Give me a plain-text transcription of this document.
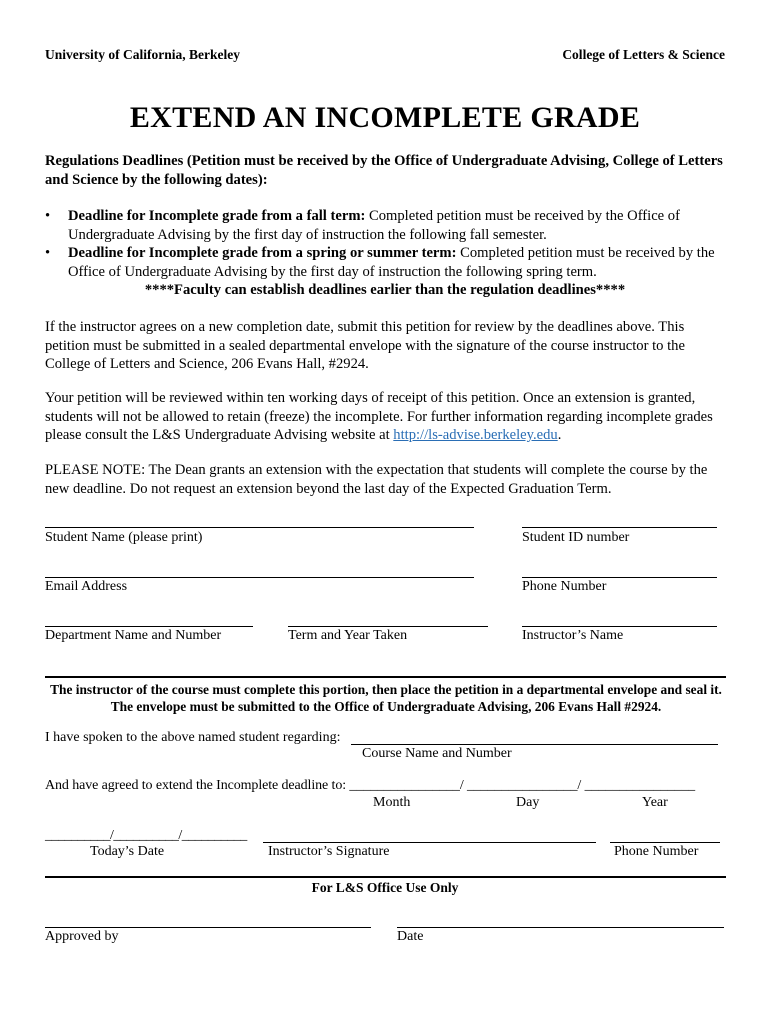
University of California, Berkeley	College of Letters & Science
EXTEND AN INCOMPLETE GRADE
Regulations Deadlines (Petition must be received by the Office of Undergraduate Advising, College of Letters and Science by the following dates):
• Deadline for Incomplete grade from a fall term: Completed petition must be received by the Office of Undergraduate Advising by the first day of instruction the following fall semester.
• Deadline for Incomplete grade from a spring or summer term: Completed petition must be received by the Office of Undergraduate Advising by the first day of instruction the following spring term.
****Faculty can establish deadlines earlier than the regulation deadlines****
If the instructor agrees on a new completion date, submit this petition for review by the deadlines above. This petition must be submitted in a sealed departmental envelope with the signature of the course instructor to the College of Letters and Science, 206 Evans Hall, #2924.
Your petition will be reviewed within ten working days of receipt of this petition. Once an extension is granted, students will not be allowed to retain (freeze) the incomplete. For further information regarding incomplete grades please consult the L&S Undergraduate Advising website at http://ls-advise.berkeley.edu.
PLEASE NOTE: The Dean grants an extension with the expectation that students will complete the course by the new deadline. Do not request an extension beyond the last day of the Expected Graduation Term.
Student Name (please print)	Student ID number
Email Address	Phone Number
Department Name and Number	Term and Year Taken	Instructor’s Name
The instructor of the course must complete this portion, then place the petition in a departmental envelope and seal it. The envelope must be submitted to the Office of Undergraduate Advising, 206 Evans Hall #2924.
I have spoken to the above named student regarding:
Course Name and Number
And have agreed to extend the Incomplete deadline to: ________________/ ________________/ ________________
Month	Day	Year
__________/__________/__________
Today’s Date	Instructor’s Signature	Phone Number
For L&S Office Use Only
Approved by	Date
